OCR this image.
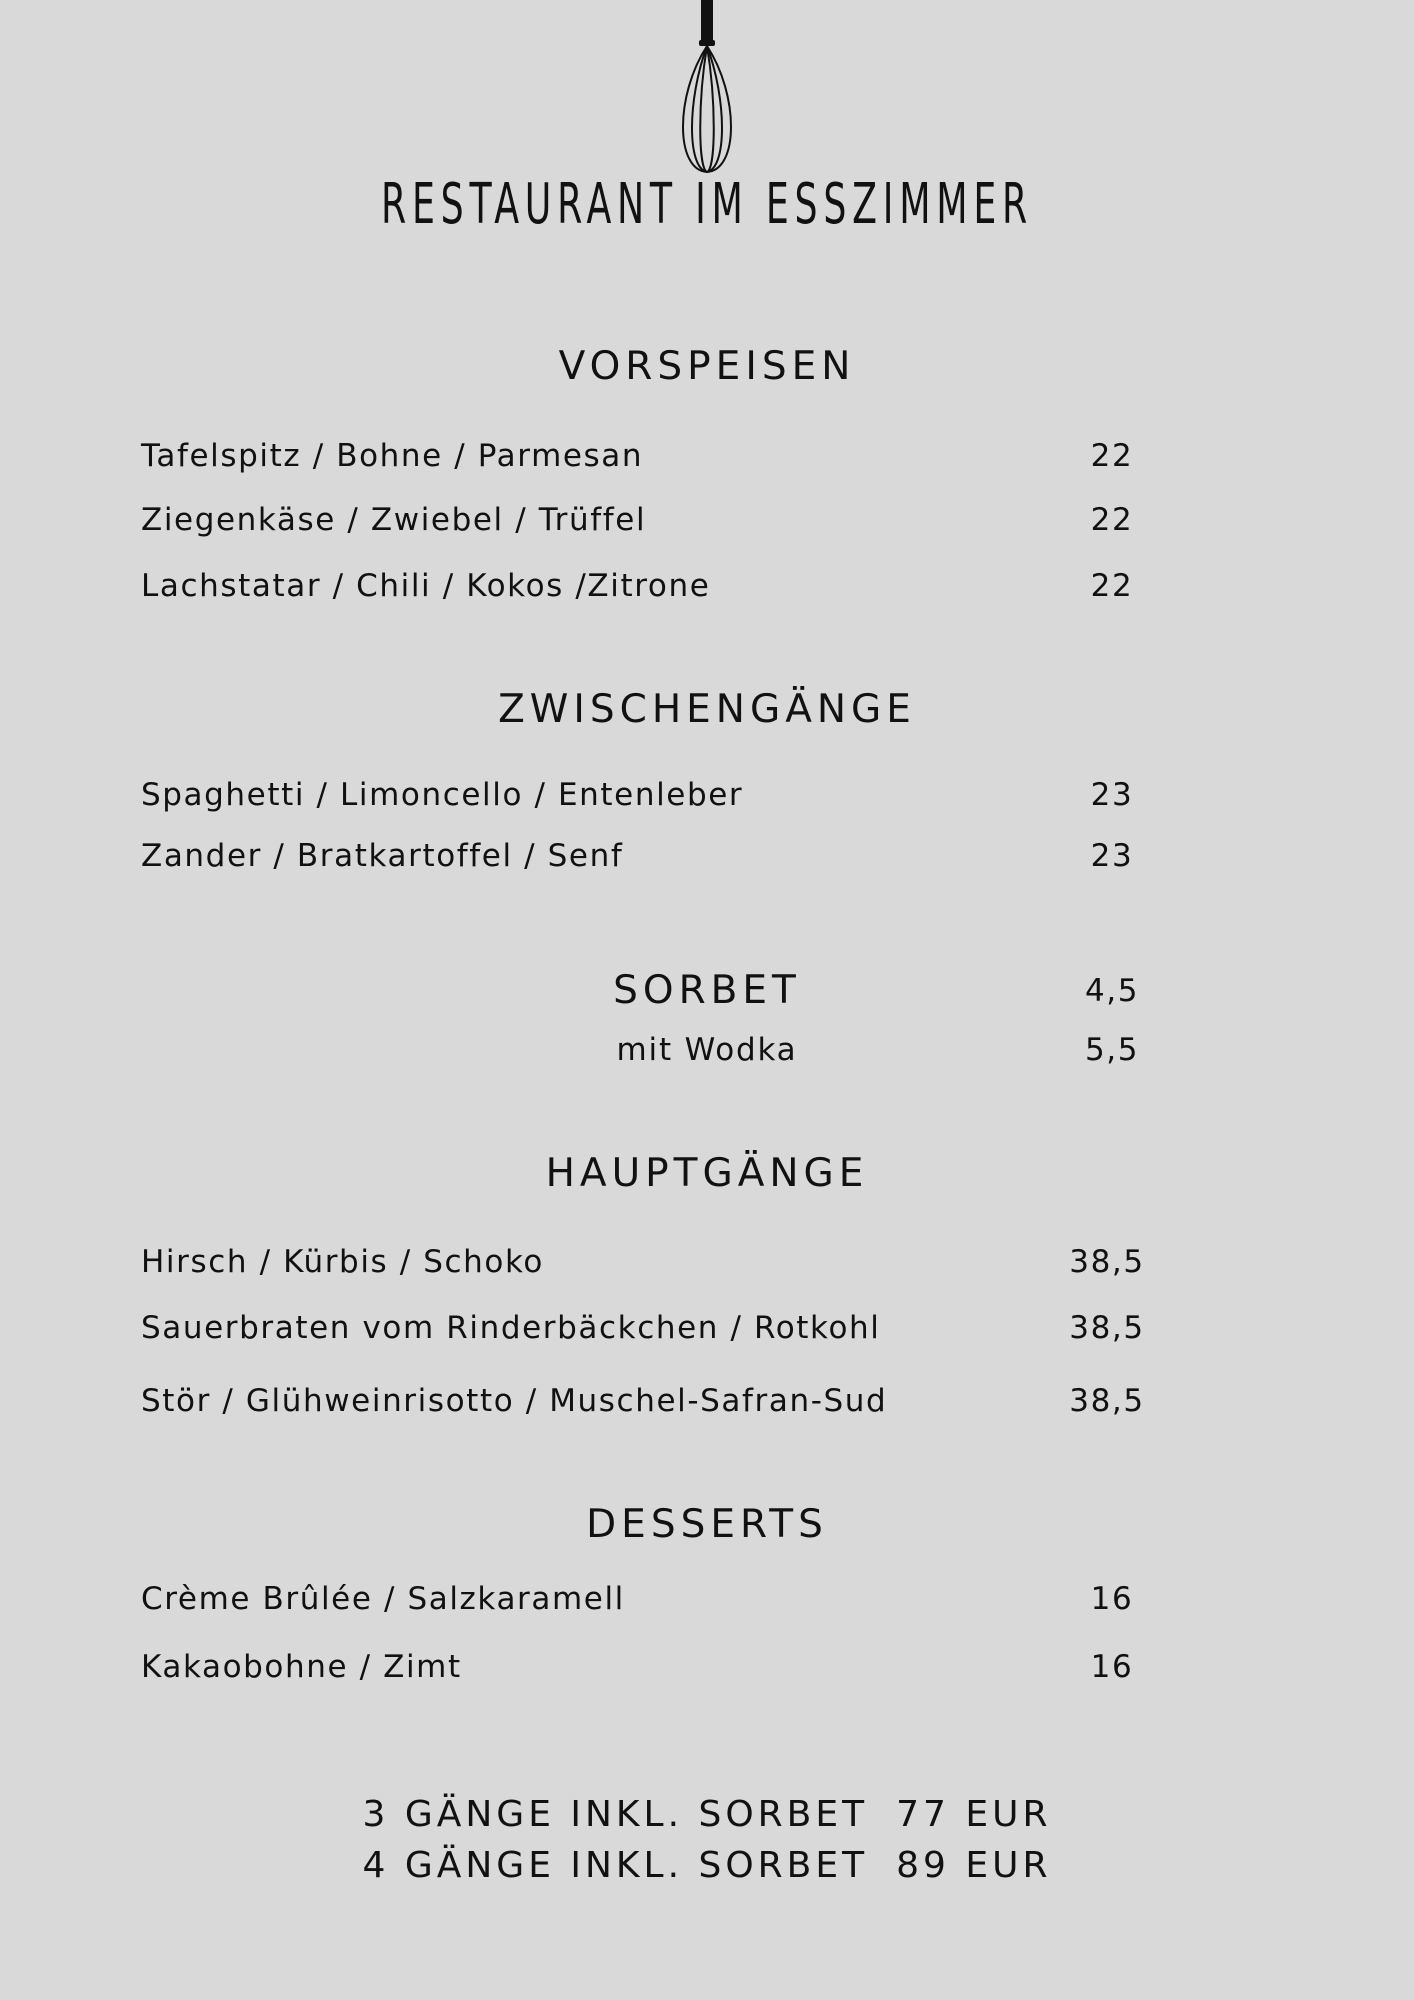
RESTAURANT IM ESSZIMMER
VORSPEISEN
Tafelspitz / Bohne / Parmesan	22
Ziegenkäse / Zwiebel / Trüffel	22
Lachstatar / Chili / Kokos /Zitrone	22
ZWISCHENGÄNGE
Spaghetti / Limoncello / Entenleber	23
Zander / Bratkartoffel / Senf	23
SORBET	4,5
mit Wodka	5,5
HAUPTGÄNGE
Hirsch / Kürbis / Schoko	38,5
Sauerbraten vom Rinderbäckchen / Rotkohl	38,5
Stör / Glühweinrisotto / Muschel-Safran-Sud	38,5
DESSERTS
Crème Brûlée / Salzkaramell	16
Kakaobohne / Zimt	16
3 GÄNGE INKL. SORBET 77 EUR
4 GÄNGE INKL. SORBET 89 EUR
